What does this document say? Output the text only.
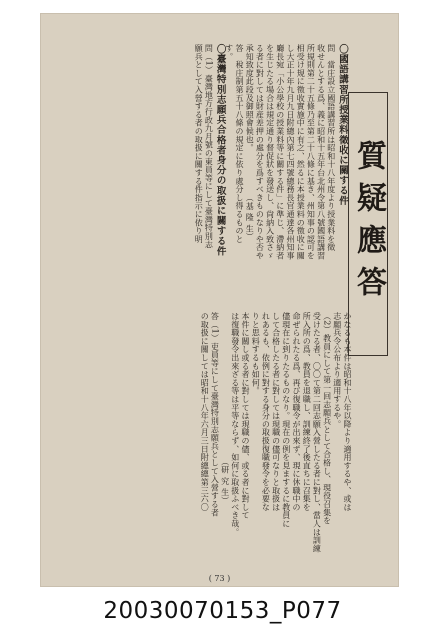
質疑應答
〇國語講習所授業料徵收に關する件
問　當庄設立國語講習所は昭和十八年度より授業料を徵
收せんとする爲、義に昭和十五年台北州令第八號國語講習
所規則第二十五條乃至第二十八條に基き、州知事の認可を
相受け規に徵收實施中に有之、然るに本授業料の徵收に關
し大正十年九月九日附總內第七四號總務長官通達各州知事
廳長宛「小公學校の授業料等に關する件」に準じ、滯納者
を生じたる場合は規定通り督促狀を發送し、尙納入致さゞ
る者に對しては財産差押の處分を爲すべきものなりや否や
承知致度此段及御照會候也。　　　　　　（基 隆 生）
答　稅庄制第五十八條の規定に依り處分し得るものと
す。
〇臺灣特別志願兵合格者身分の取扱に關する件
問（1）臺灣地方行政九月號の東員等にして臺灣特別志
願兵として入營する者の取扱に關する件指示に依り明
かなるも本件は昭和十八年以降より適用するや、或は
志願兵令公布より適用するや。
（2）教員にして第一回志願兵として合格し、現役召集を
受けたる者、〇〇て第二回志願入營したる者に對し、當人は訓練
所入所の爲、教員を退職し、訓練終了後直ちに召集を
命ぜられたる爲、再び復職令が出來ず、現に休職中の
儘現在に到りたるものなり。現在の例を見まするに教員に
して合格したる者に對しては現職の儘可なりと取扱は
れあるも、依例に對する身分の取扱復職發令を必要な
りと思料するも如何。
本件に關し或る者に對しては現職の儘、或る者に對して
は復職發令出來ざる等は平等ならず、如何に取扱ふべき哉。
　　　　　　　　　　　　　　　　　　（研 究 生）
答（1）吏員等にして臺灣特別志願兵として入營する者
の取扱に關しては昭和十八年六月三日附總總第三六〇
( 73 )
20030070153_P077
